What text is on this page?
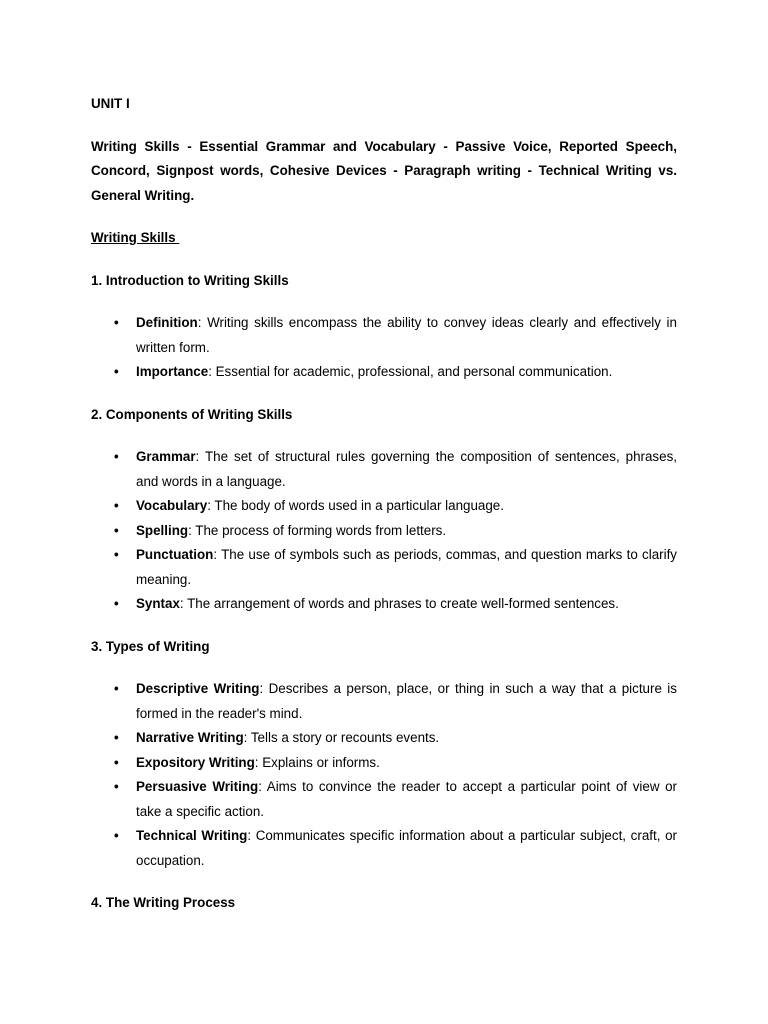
UNIT I

Writing Skills - Essential Grammar and Vocabulary - Passive Voice, Reported Speech, Concord, Signpost words, Cohesive Devices - Paragraph writing - Technical Writing vs. General Writing.

Writing Skills

1. Introduction to Writing Skills

• Definition: Writing skills encompass the ability to convey ideas clearly and effectively in written form.
• Importance: Essential for academic, professional, and personal communication.

2. Components of Writing Skills

• Grammar: The set of structural rules governing the composition of sentences, phrases, and words in a language.
• Vocabulary: The body of words used in a particular language.
• Spelling: The process of forming words from letters.
• Punctuation: The use of symbols such as periods, commas, and question marks to clarify meaning.
• Syntax: The arrangement of words and phrases to create well-formed sentences.

3. Types of Writing

• Descriptive Writing: Describes a person, place, or thing in such a way that a picture is formed in the reader's mind.
• Narrative Writing: Tells a story or recounts events.
• Expository Writing: Explains or informs.
• Persuasive Writing: Aims to convince the reader to accept a particular point of view or take a specific action.
• Technical Writing: Communicates specific information about a particular subject, craft, or occupation.

4. The Writing Process
